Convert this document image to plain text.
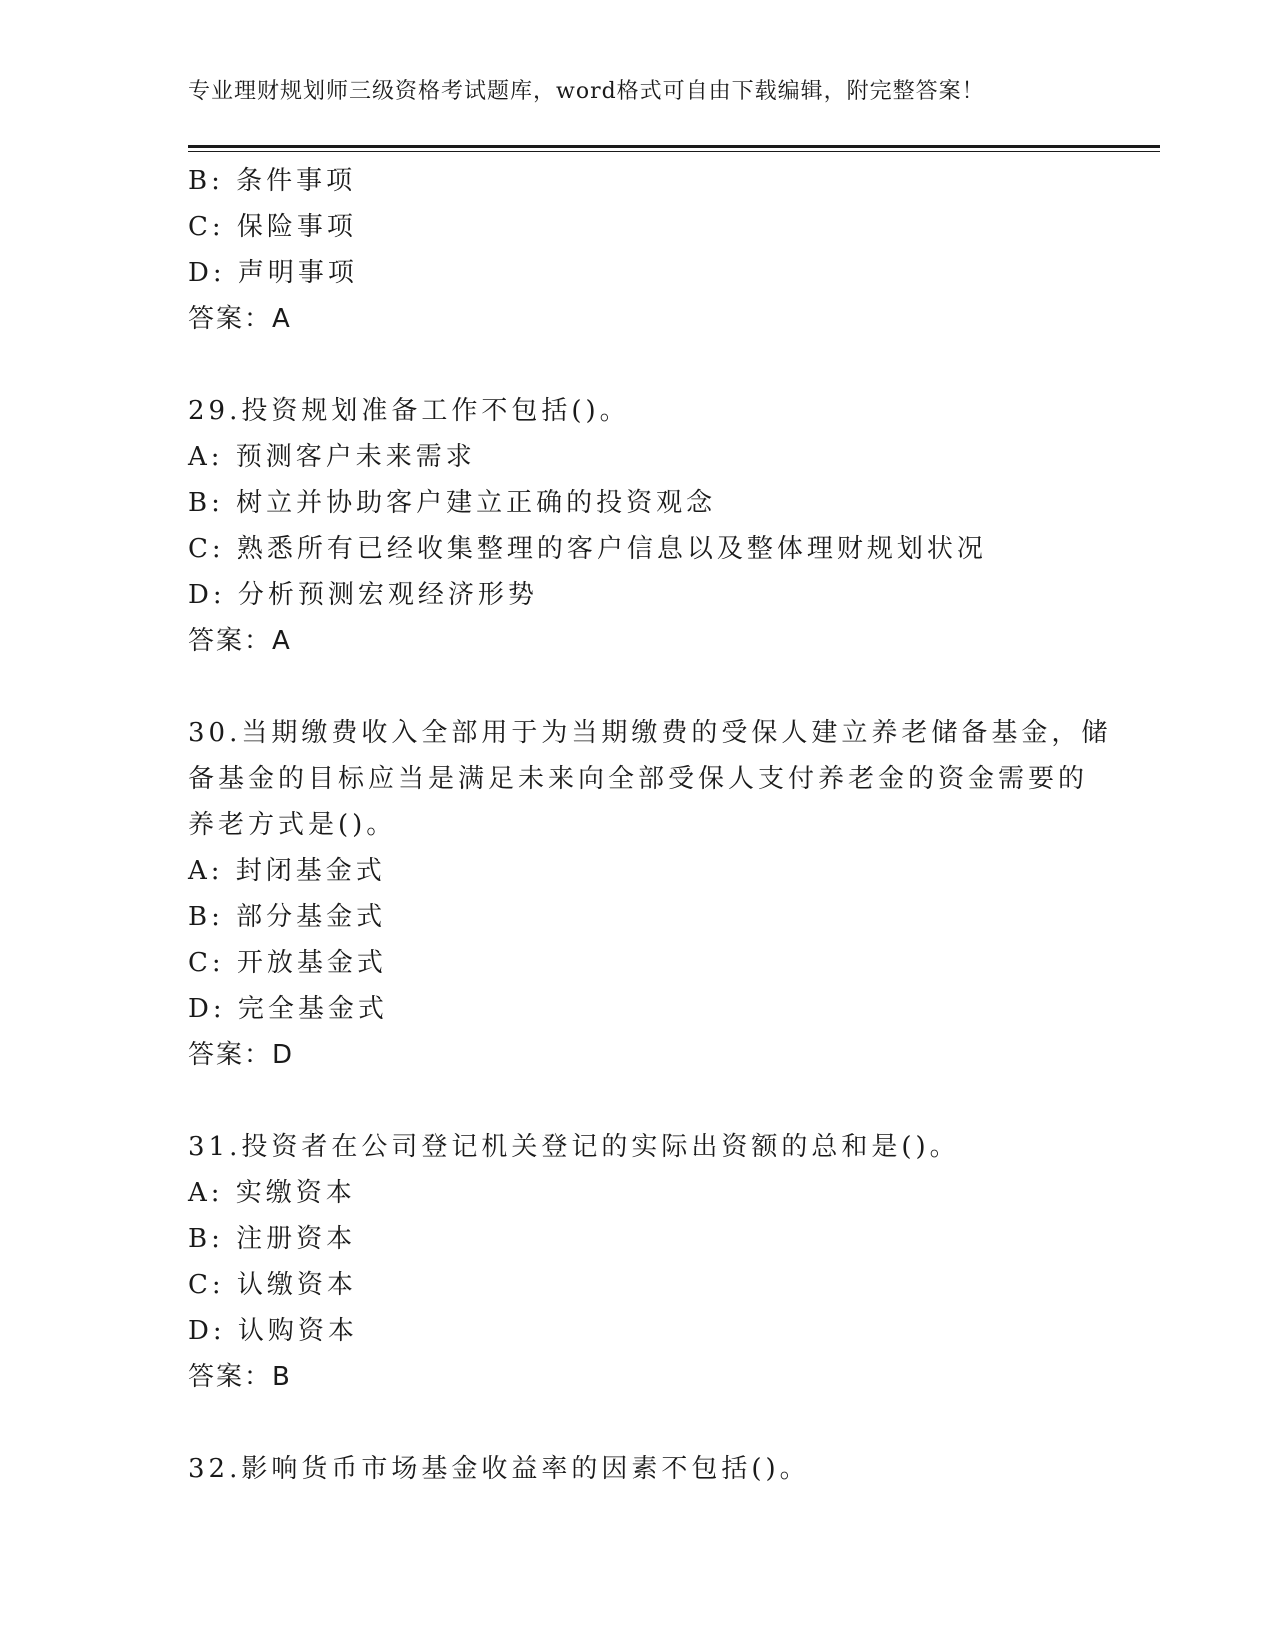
专业理财规划师三级资格考试题库，word格式可自由下载编辑，附完整答案！
B: 条件事项
C: 保险事项
D: 声明事项
答案：A
29.投资规划准备工作不包括()。
A: 预测客户未来需求
B: 树立并协助客户建立正确的投资观念
C: 熟悉所有已经收集整理的客户信息以及整体理财规划状况
D: 分析预测宏观经济形势
答案：A
30.当期缴费收入全部用于为当期缴费的受保人建立养老储备基金，储
备基金的目标应当是满足未来向全部受保人支付养老金的资金需要的
养老方式是()。
A: 封闭基金式
B: 部分基金式
C: 开放基金式
D: 完全基金式
答案：D
31.投资者在公司登记机关登记的实际出资额的总和是()。
A: 实缴资本
B: 注册资本
C: 认缴资本
D: 认购资本
答案：B
32.影响货币市场基金收益率的因素不包括()。
